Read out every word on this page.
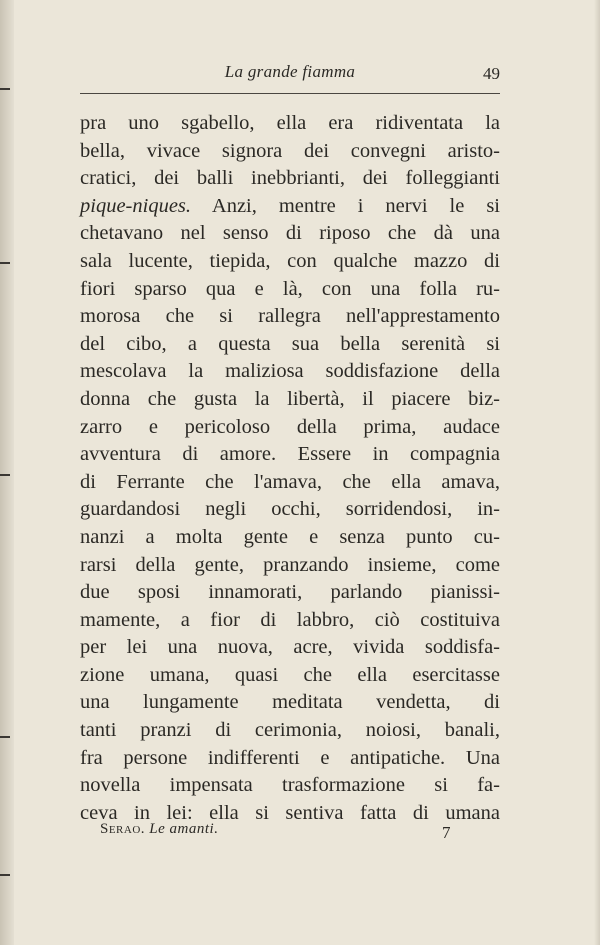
La grande fiamma	49
pra uno sgabello, ella era ridiventata la
bella, vivace signora dei convegni aristo-
cratici, dei balli inebbrianti, dei folleggianti
pique-niques. Anzi, mentre i nervi le si
chetavano nel senso di riposo che dà una
sala lucente, tiepida, con qualche mazzo di
fiori sparso qua e là, con una folla ru-
morosa che si rallegra nell'apprestamento
del cibo, a questa sua bella serenità si
mescolava la maliziosa soddisfazione della
donna che gusta la libertà, il piacere biz-
zarro e pericoloso della prima, audace
avventura di amore. Essere in compagnia
di Ferrante che l'amava, che ella amava,
guardandosi negli occhi, sorridendosi, in-
nanzi a molta gente e senza punto cu-
rarsi della gente, pranzando insieme, come
due sposi innamorati, parlando pianissi-
mamente, a fior di labbro, ciò costituiva
per lei una nuova, acre, vivida soddisfa-
zione umana, quasi che ella esercitasse
una lungamente meditata vendetta, di
tanti pranzi di cerimonia, noiosi, banali,
fra persone indifferenti e antipatiche. Una
novella impensata trasformazione si fa-
ceva in lei: ella si sentiva fatta di umana
Serao. Le amanti.	7
